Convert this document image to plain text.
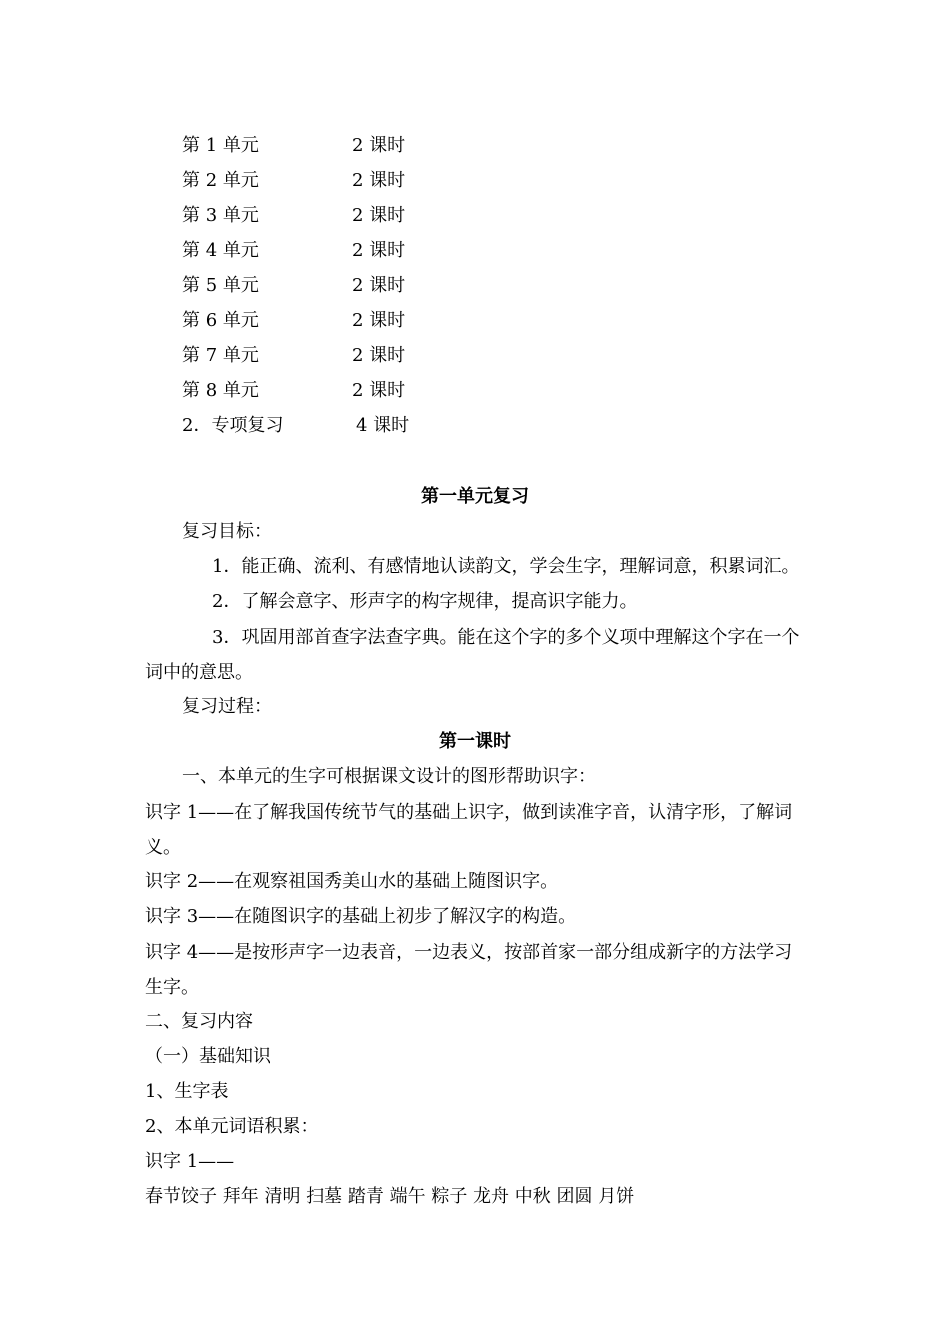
第 1 单元	2 课时
第 2 单元	2 课时
第 3 单元	2 课时
第 4 单元	2 课时
第 5 单元	2 课时
第 6 单元	2 课时
第 7 单元	2 课时
第 8 单元	2 课时
2．专项复习	4 课时
第一单元复习
复习目标：
1．能正确、流利、有感情地认读韵文，学会生字，理解词意，积累词汇。
2．了解会意字、形声字的构字规律，提高识字能力。
3．巩固用部首查字法查字典。能在这个字的多个义项中理解这个字在一个词中的意思。
复习过程：
第一课时
一、本单元的生字可根据课文设计的图形帮助识字：
识字 1——在了解我国传统节气的基础上识字，做到读准字音，认清字形，了解词义。
识字 2——在观察祖国秀美山水的基础上随图识字。
识字 3——在随图识字的基础上初步了解汉字的构造。
识字 4——是按形声字一边表音，一边表义，按部首家一部分组成新字的方法学习生字。
二、复习内容
（一）基础知识
1、生字表
2、本单元词语积累：
识字 1——
春节饺子 拜年 清明 扫墓 踏青 端午 粽子 龙舟 中秋 团圆 月饼
